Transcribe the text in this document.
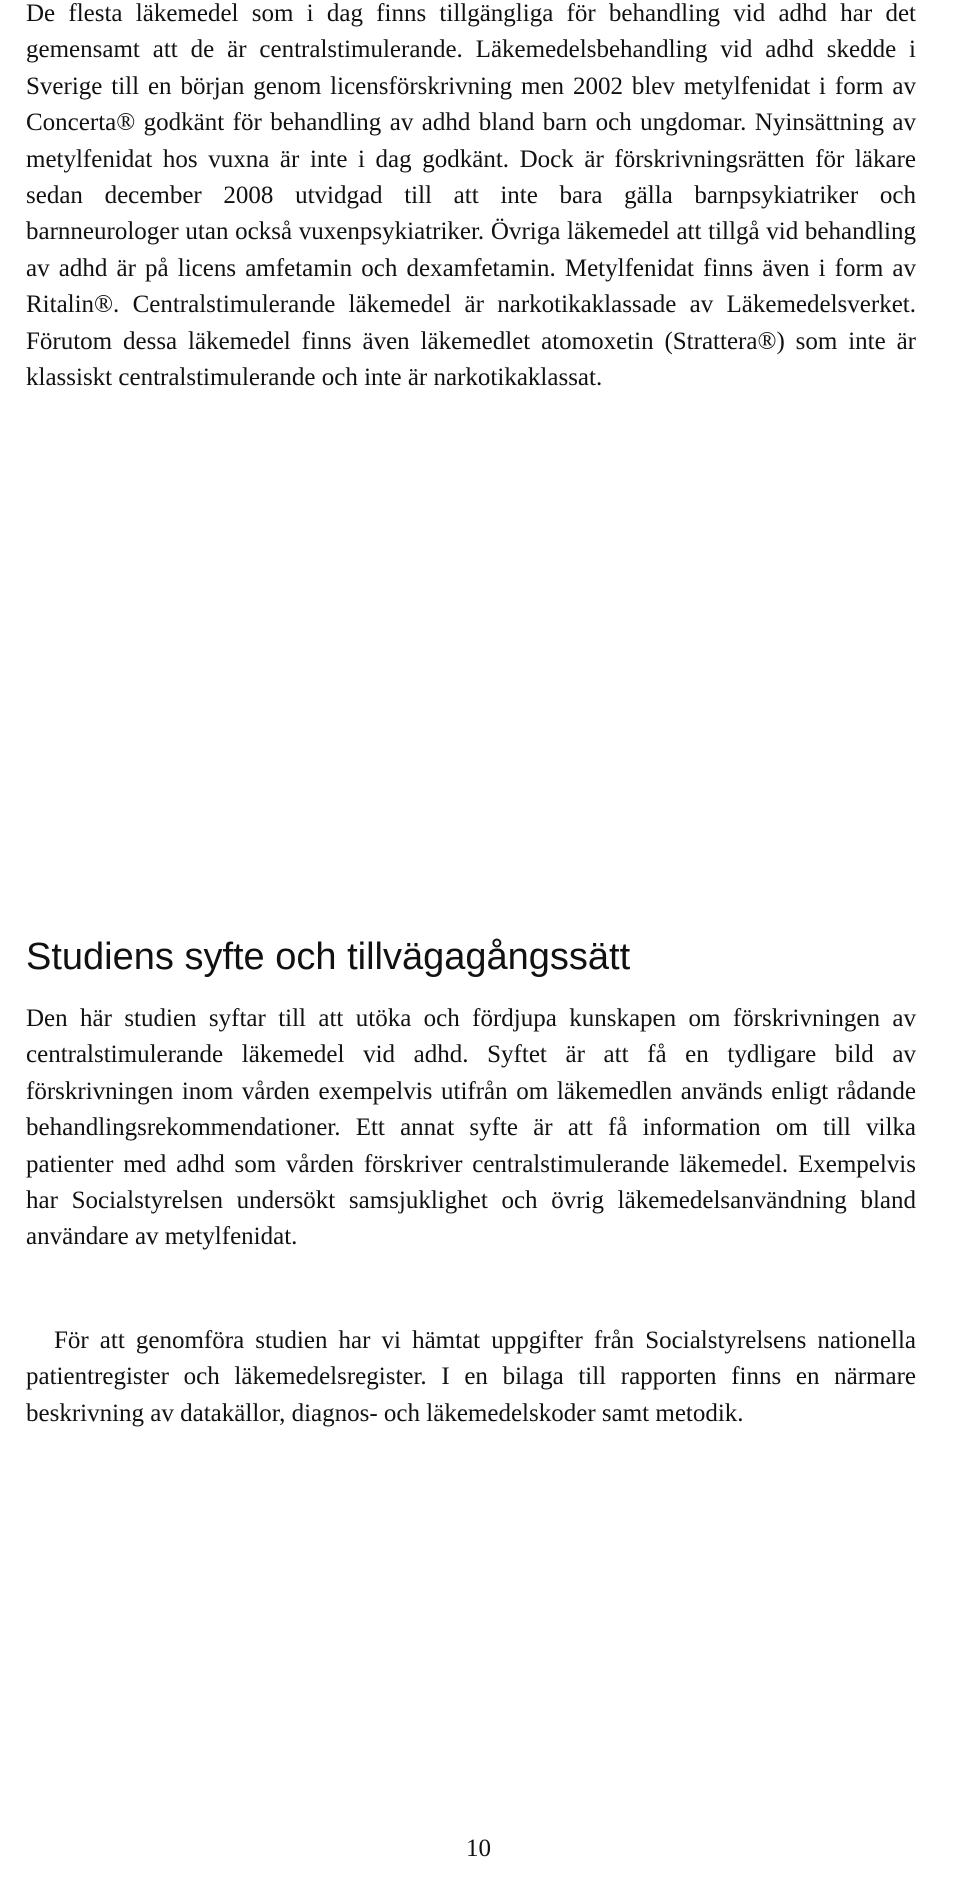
De flesta läkemedel som i dag finns tillgängliga för behandling vid adhd har det gemensamt att de är centralstimulerande. Läkemedelsbehandling vid adhd skedde i Sverige till en början genom licensförskrivning men 2002 blev metylfenidat i form av Concerta® godkänt för behandling av adhd bland barn och ungdomar. Nyinsättning av metylfenidat hos vuxna är inte i dag godkänt. Dock är förskrivningsrätten för läkare sedan december 2008 utvidgad till att inte bara gälla barnpsykiatriker och barnneurologer utan också vuxenpsykiatriker. Övriga läkemedel att tillgå vid behandling av adhd är på licens amfetamin och dexamfetamin. Metylfenidat finns även i form av Ritalin®. Centralstimulerande läkemedel är narkotikaklassade av Läkemedelsverket. Förutom dessa läkemedel finns även läkemedlet atomoxetin (Strattera®) som inte är klassiskt centralstimulerande och inte är narkotikaklassat.

Studiens syfte och tillvägagångssätt

Den här studien syftar till att utöka och fördjupa kunskapen om förskrivningen av centralstimulerande läkemedel vid adhd. Syftet är att få en tydligare bild av förskrivningen inom vården exempelvis utifrån om läkemedlen används enligt rådande behandlingsrekommendationer. Ett annat syfte är att få information om till vilka patienter med adhd som vården förskriver centralstimulerande läkemedel. Exempelvis har Socialstyrelsen undersökt samsjuklighet och övrig läkemedelsanvändning bland användare av metylfenidat.

För att genomföra studien har vi hämtat uppgifter från Socialstyrelsens nationella patientregister och läkemedelsregister. I en bilaga till rapporten finns en närmare beskrivning av datakällor, diagnos- och läkemedelskoder samt metodik.

10
